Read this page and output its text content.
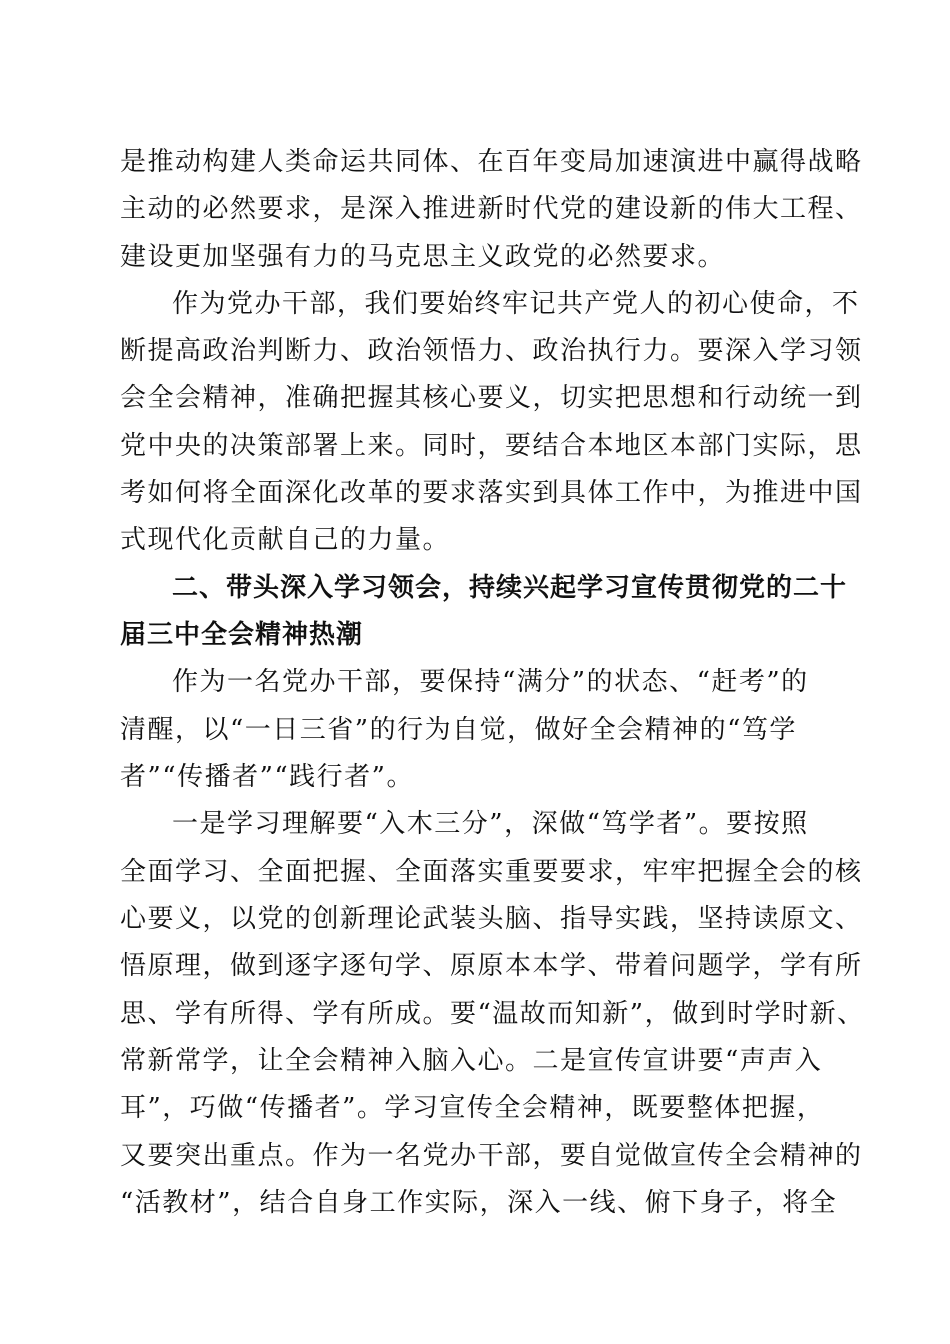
是推动构建人类命运共同体、在百年变局加速演进中赢得战略
主动的必然要求，是深入推进新时代党的建设新的伟大工程、
建设更加坚强有力的马克思主义政党的必然要求。
作为党办干部，我们要始终牢记共产党人的初心使命，不
断提高政治判断力、政治领悟力、政治执行力。要深入学习领
会全会精神，准确把握其核心要义，切实把思想和行动统一到
党中央的决策部署上来。同时，要结合本地区本部门实际，思
考如何将全面深化改革的要求落实到具体工作中，为推进中国
式现代化贡献自己的力量。
二、带头深入学习领会，持续兴起学习宣传贯彻党的二十
届三中全会精神热潮
作为一名党办干部，要保持“满分”的状态、“赶考”的
清醒，以“一日三省”的行为自觉，做好全会精神的“笃学
者”“传播者”“践行者”。
一是学习理解要“入木三分”，深做“笃学者”。要按照
全面学习、全面把握、全面落实重要要求，牢牢把握全会的核
心要义，以党的创新理论武装头脑、指导实践，坚持读原文、
悟原理，做到逐字逐句学、原原本本学、带着问题学，学有所
思、学有所得、学有所成。要“温故而知新”，做到时学时新、
常新常学，让全会精神入脑入心。二是宣传宣讲要“声声入
耳”，巧做“传播者”。学习宣传全会精神，既要整体把握，
又要突出重点。作为一名党办干部，要自觉做宣传全会精神的
“活教材”，结合自身工作实际，深入一线、俯下身子，将全
